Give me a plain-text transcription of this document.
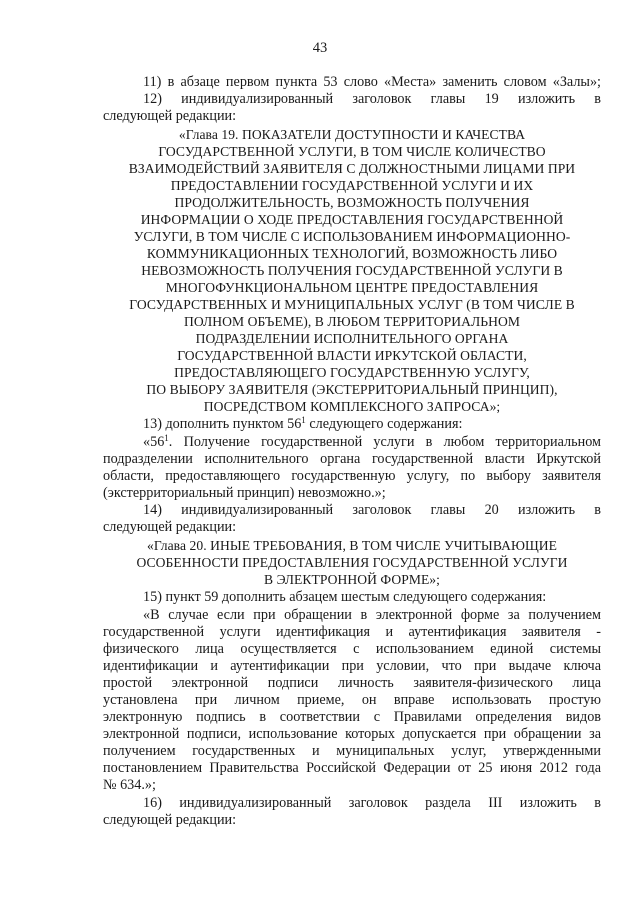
43
11) в абзаце первом пункта 53 слово «Места» заменить словом «Залы»;
12) индивидуализированный заголовок главы 19 изложить в
следующей редакции:
«Глава 19. ПОКАЗАТЕЛИ ДОСТУПНОСТИ И КАЧЕСТВА
ГОСУДАРСТВЕННОЙ УСЛУГИ, В ТОМ ЧИСЛЕ КОЛИЧЕСТВО
ВЗАИМОДЕЙСТВИЙ ЗАЯВИТЕЛЯ С ДОЛЖНОСТНЫМИ ЛИЦАМИ ПРИ
ПРЕДОСТАВЛЕНИИ ГОСУДАРСТВЕННОЙ УСЛУГИ И ИХ
ПРОДОЛЖИТЕЛЬНОСТЬ, ВОЗМОЖНОСТЬ ПОЛУЧЕНИЯ
ИНФОРМАЦИИ О ХОДЕ ПРЕДОСТАВЛЕНИЯ ГОСУДАРСТВЕННОЙ
УСЛУГИ, В ТОМ ЧИСЛЕ С ИСПОЛЬЗОВАНИЕМ ИНФОРМАЦИОННО-
КОММУНИКАЦИОННЫХ ТЕХНОЛОГИЙ, ВОЗМОЖНОСТЬ ЛИБО
НЕВОЗМОЖНОСТЬ ПОЛУЧЕНИЯ ГОСУДАРСТВЕННОЙ УСЛУГИ В
МНОГОФУНКЦИОНАЛЬНОМ ЦЕНТРЕ ПРЕДОСТАВЛЕНИЯ
ГОСУДАРСТВЕННЫХ И МУНИЦИПАЛЬНЫХ УСЛУГ (В ТОМ ЧИСЛЕ В
ПОЛНОМ ОБЪЕМЕ), В ЛЮБОМ ТЕРРИТОРИАЛЬНОМ
ПОДРАЗДЕЛЕНИИ ИСПОЛНИТЕЛЬНОГО ОРГАНА
ГОСУДАРСТВЕННОЙ ВЛАСТИ ИРКУТСКОЙ ОБЛАСТИ,
ПРЕДОСТАВЛЯЮЩЕГО ГОСУДАРСТВЕННУЮ УСЛУГУ,
ПО ВЫБОРУ ЗАЯВИТЕЛЯ (ЭКСТЕРРИТОРИАЛЬНЫЙ ПРИНЦИП),
ПОСРЕДСТВОМ КОМПЛЕКСНОГО ЗАПРОСА»;
13) дополнить пунктом $56^1$ следующего содержания:
«$56^1$. Получение государственной услуги в любом территориальном
подразделении исполнительного органа государственной власти Иркутской
области, предоставляющего государственную услугу, по выбору заявителя
(экстерриториальный принцип) невозможно.»;
14) индивидуализированный заголовок главы 20 изложить в
следующей редакции:
«Глава 20. ИНЫЕ ТРЕБОВАНИЯ, В ТОМ ЧИСЛЕ УЧИТЫВАЮЩИЕ
ОСОБЕННОСТИ ПРЕДОСТАВЛЕНИЯ ГОСУДАРСТВЕННОЙ УСЛУГИ
В ЭЛЕКТРОННОЙ ФОРМЕ»;
15) пункт 59 дополнить абзацем шестым следующего содержания:
«В случае если при обращении в электронной форме за получением
государственной услуги идентификация и аутентификация заявителя -
физического лица осуществляется с использованием единой системы
идентификации и аутентификации при условии, что при выдаче ключа
простой электронной подписи личность заявителя-физического лица
установлена при личном приеме, он вправе использовать простую
электронную подпись в соответствии с Правилами определения видов
электронной подписи, использование которых допускается при обращении за
получением государственных и муниципальных услуг, утвержденными
постановлением Правительства Российской Федерации от 25 июня 2012 года
№ 634.»;
16) индивидуализированный заголовок раздела III изложить в
следующей редакции:
